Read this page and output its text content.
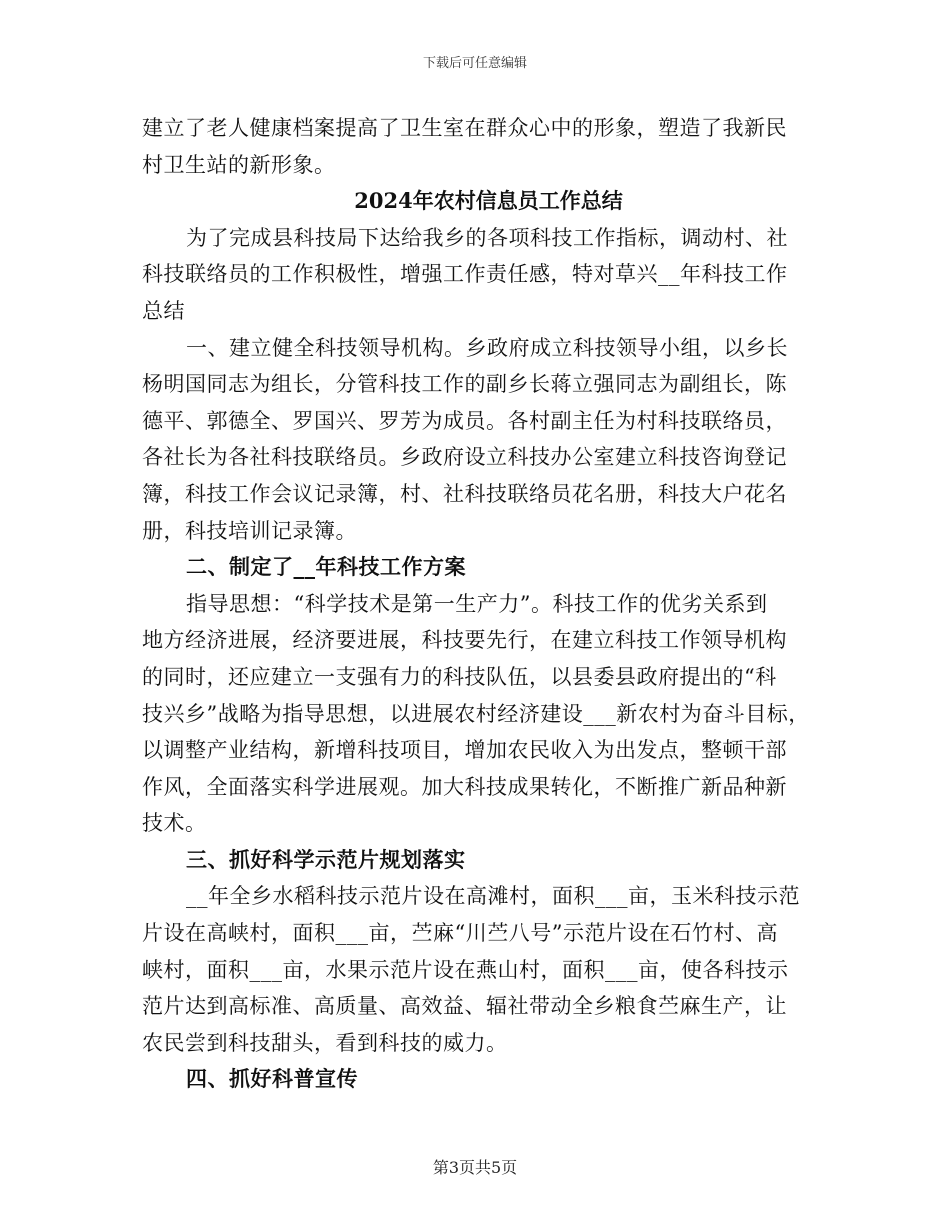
下载后可任意编辑
建立了老人健康档案提高了卫生室在群众心中的形象，塑造了我新民
村卫生站的新形象。
2024年农村信息员工作总结
为了完成县科技局下达给我乡的各项科技工作指标，调动村、社
科技联络员的工作积极性，增强工作责任感，特对草兴__年科技工作
总结
一、建立健全科技领导机构。乡政府成立科技领导小组，以乡长
杨明国同志为组长，分管科技工作的副乡长蒋立强同志为副组长，陈
德平、郭德全、罗国兴、罗芳为成员。各村副主任为村科技联络员，
各社长为各社科技联络员。乡政府设立科技办公室建立科技咨询登记
簿，科技工作会议记录簿，村、社科技联络员花名册，科技大户花名
册，科技培训记录簿。
二、制定了__年科技工作方案
指导思想：“科学技术是第一生产力”。科技工作的优劣关系到
地方经济进展，经济要进展，科技要先行，在建立科技工作领导机构
的同时，还应建立一支强有力的科技队伍，以县委县政府提出的“科
技兴乡”战略为指导思想，以进展农村经济建设___新农村为奋斗目标，
以调整产业结构，新增科技项目，增加农民收入为出发点，整顿干部
作风，全面落实科学进展观。加大科技成果转化，不断推广新品种新
技术。
三、抓好科学示范片规划落实
__年全乡水稻科技示范片设在高滩村，面积___亩，玉米科技示范
片设在高峡村，面积___亩，苎麻“川苎八号”示范片设在石竹村、高
峡村，面积___亩，水果示范片设在燕山村，面积___亩，使各科技示
范片达到高标准、高质量、高效益、辐社带动全乡粮食苎麻生产，让
农民尝到科技甜头，看到科技的威力。
四、抓好科普宣传
第3页共5页
